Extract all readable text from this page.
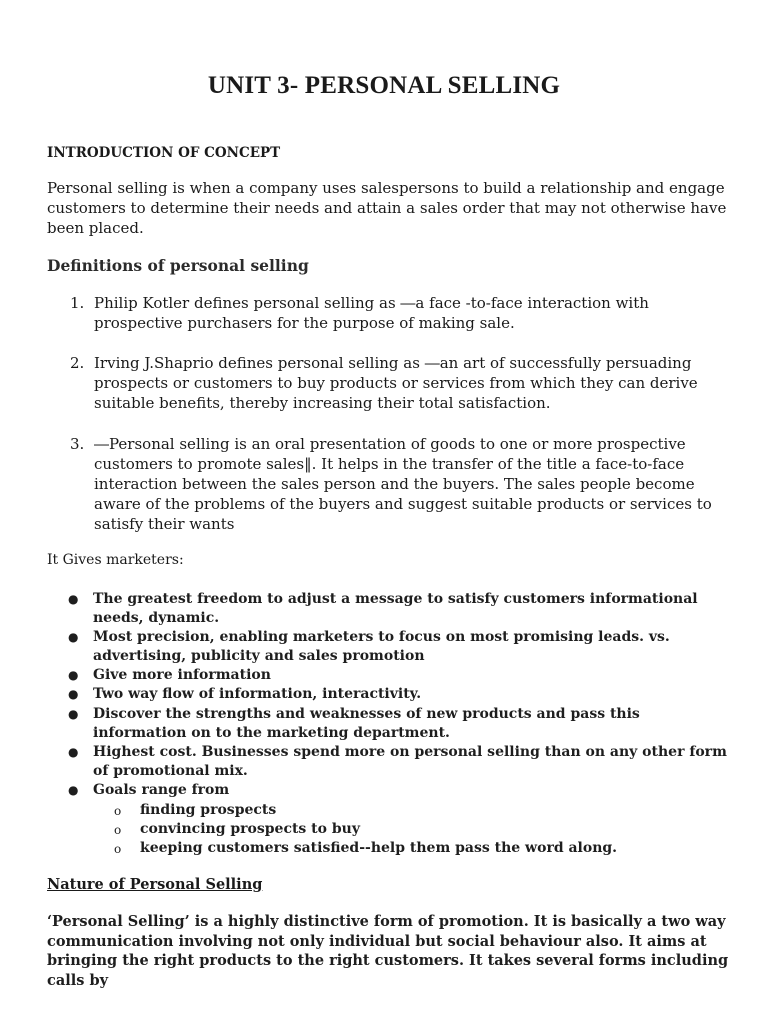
UNIT 3- PERSONAL SELLING
INTRODUCTION OF CONCEPT
Personal selling is when a company uses salespersons to build a relationship and engage customers to determine their needs and attain a sales order that may not otherwise have been placed.
Definitions of personal selling
1. Philip Kotler defines personal selling as ―a face -to-face interaction with prospective purchasers for the purpose of making sale.
2. Irving J.Shaprio defines personal selling as ―an art of successfully persuading prospects or customers to buy products or services from which they can derive suitable benefits, thereby increasing their total satisfaction.
3. ―Personal selling is an oral presentation of goods to one or more prospective customers to promote sales‖. It helps in the transfer of the title a face-to-face interaction between the sales person and the buyers. The sales people become aware of the problems of the buyers and suggest suitable products or services to satisfy their wants
It Gives marketers:
● The greatest freedom to adjust a message to satisfy customers informational needs, dynamic.
● Most precision, enabling marketers to focus on most promising leads. vs. advertising, publicity and sales promotion
● Give more information
● Two way flow of information, interactivity.
● Discover the strengths and weaknesses of new products and pass this information on to the marketing department.
● Highest cost. Businesses spend more on personal selling than on any other form of promotional mix.
● Goals range from
o finding prospects
o convincing prospects to buy
o keeping customers satisfied--help them pass the word along.
Nature of Personal Selling
‘Personal Selling’ is a highly distinctive form of promotion. It is basically a two way communication involving not only individual but social behaviour also. It aims at bringing the right products to the right customers. It takes several forms including calls by
